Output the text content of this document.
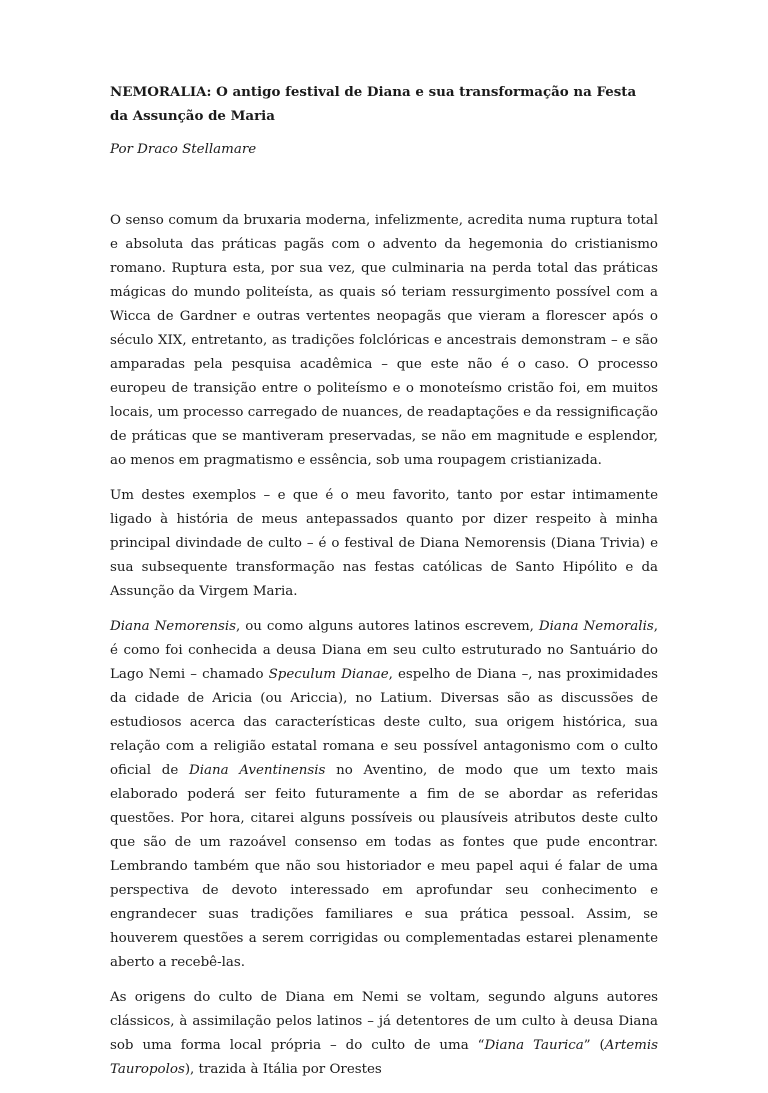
NEMORALIA: O antigo festival de Diana e sua transformação na Festa da Assunção de Maria

Por Draco Stellamare

O senso comum da bruxaria moderna, infelizmente, acredita numa ruptura total e absoluta das práticas pagãs com o advento da hegemonia do cristianismo romano. Ruptura esta, por sua vez, que culminaria na perda total das práticas mágicas do mundo politeísta, as quais só teriam ressurgimento possível com a Wicca de Gardner e outras vertentes neopagãs que vieram a florescer após o século XIX, entretanto, as tradições folclóricas e ancestrais demonstram – e são amparadas pela pesquisa acadêmica – que este não é o caso. O processo europeu de transição entre o politeísmo e o monoteísmo cristão foi, em muitos locais, um processo carregado de nuances, de readaptações e da ressignificação de práticas que se mantiveram preservadas, se não em magnitude e esplendor, ao menos em pragmatismo e essência, sob uma roupagem cristianizada.

Um destes exemplos – e que é o meu favorito, tanto por estar intimamente ligado à história de meus antepassados quanto por dizer respeito à minha principal divindade de culto – é o festival de Diana Nemorensis (Diana Trivia) e sua subsequente transformação nas festas católicas de Santo Hipólito e da Assunção da Virgem Maria.

Diana Nemorensis, ou como alguns autores latinos escrevem, Diana Nemoralis, é como foi conhecida a deusa Diana em seu culto estruturado no Santuário do Lago Nemi – chamado Speculum Dianae, espelho de Diana –, nas proximidades da cidade de Aricia (ou Ariccia), no Latium. Diversas são as discussões de estudiosos acerca das características deste culto, sua origem histórica, sua relação com a religião estatal romana e seu possível antagonismo com o culto oficial de Diana Aventinensis no Aventino, de modo que um texto mais elaborado poderá ser feito futuramente a fim de se abordar as referidas questões. Por hora, citarei alguns possíveis ou plausíveis atributos deste culto que são de um razoável consenso em todas as fontes que pude encontrar. Lembrando também que não sou historiador e meu papel aqui é falar de uma perspectiva de devoto interessado em aprofundar seu conhecimento e engrandecer suas tradições familiares e sua prática pessoal. Assim, se houverem questões a serem corrigidas ou complementadas estarei plenamente aberto a recebê-las.

As origens do culto de Diana em Nemi se voltam, segundo alguns autores clássicos, à assimilação pelos latinos – já detentores de um culto à deusa Diana sob uma forma local própria – do culto de uma “Diana Taurica” (Artemis Tauropolos), trazida à Itália por Orestes
